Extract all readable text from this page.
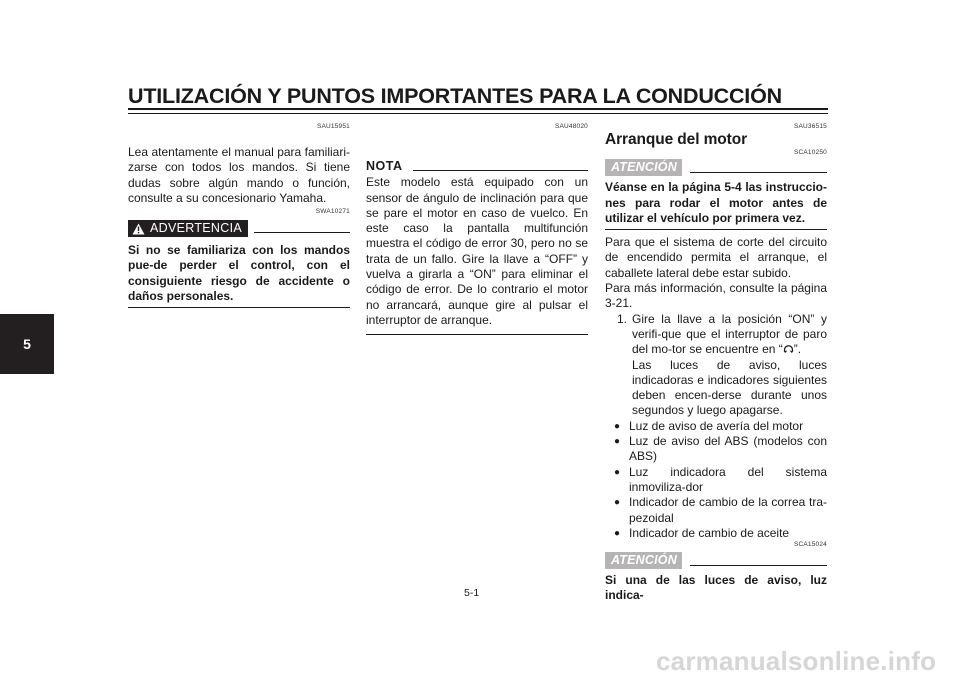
UTILIZACIÓN Y PUNTOS IMPORTANTES PARA LA CONDUCCIÓN
5
SAU15951

Lea atentamente el manual para familiari-zarse con todos los mandos. Si tiene dudas sobre algún mando o función, consulte a su concesionario Yamaha.

SWA10271
ADVERTENCIA

Si no se familiariza con los mandos pue-de perder el control, con el consiguiente riesgo de accidente o daños personales.

SAU48020
NOTA

Este modelo está equipado con un sensor de ángulo de inclinación para que se pare el motor en caso de vuelco. En este caso la pantalla multifunción muestra el código de error 30, pero no se trata de un fallo. Gire la llave a “OFF” y vuelva a girarla a “ON” para eliminar el código de error. De lo contrario el motor no arrancará, aunque gire al pulsar el interruptor de arranque.

SAU36515
Arranque del motor
SCA10250
ATENCIÓN

Véanse en la página 5-4 las instruccio-nes para rodar el motor antes de utilizar el vehículo por primera vez.

Para que el sistema de corte del circuito de encendido permita el arranque, el caballete lateral debe estar subido.

Para más información, consulte la página 3-21.

1. Gire la llave a la posición “ON” y verifi-que que el interruptor de paro del mo-tor se encuentre en “ ”.

Las luces de aviso, luces indicadoras e indicadores siguientes deben encen-derse durante unos segundos y luego apagarse.

● Luz de aviso de avería del motor
● Luz de aviso del ABS (modelos con ABS)
● Luz indicadora del sistema inmoviliza-dor
● Indicador de cambio de la correa tra-pezoidal
● Indicador de cambio de aceite
SCA15024
ATENCIÓN

Si una de las luces de aviso, luz indica-

5-1
carmanualsonline.info
